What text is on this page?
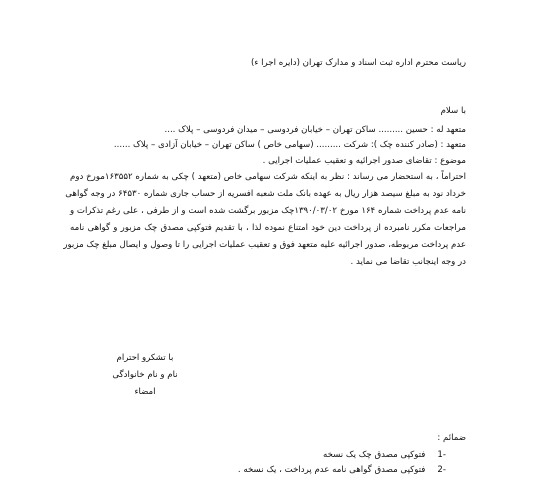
ریاست محترم اداره ثبت اسناد و مدارک تهران (دایره اجرا ء)
با سلام
متعهد له : حسین ......... ساکن تهران – خیابان فردوسی – میدان فردوسی – پلاک ....
متعهد : (صادر کننده چک ): شرکت ......... (سهامی خاص ) ساکن تهران – خیابان آزادی – پلاک ......
موضوع : تقاضای صدور اجرائیه و تعقیب عملیات اجرایی .
احتراماً ، به استحضار می رساند : نظر به اینکه شرکت سهامی خاص (متعهد ) چکی به شماره ۱۶۳۵۵۲مورخ دوم
خرداد نود به مبلغ سیصد هزار ریال به عهده بانک ملت شعبه افسریه از حساب جاری شماره ۶۴۵۳۰ در وجه گواهی
نامه عدم پرداخت شماره ۱۶۴ مورخ ۱۳۹۰/۰۳/۰۲چک مزبور برگشت شده است و از طرفی ، علی رغم تذکرات و
مراجعات مکرر نامبرده از پرداخت دین خود امتناع نموده لذا ، با تقدیم فتوکپی مصدق چک مزبور و گواهی نامه
عدم پرداخت مربوطه، صدور اجرائیه علیه متعهد فوق و تعقیب عملیات اجرایی را تا وصول و ایصال مبلغ چک مزبور
در وجه اینجانب تقاضا می نماید .
با تشکرو احترام
نام و نام خانوادگی
امضاء
ضمائم :
-1فتوکپی مصدق چک یک نسخه
-2فتوکپی مصدق گواهی نامه عدم پرداخت ، یک نسخه .
